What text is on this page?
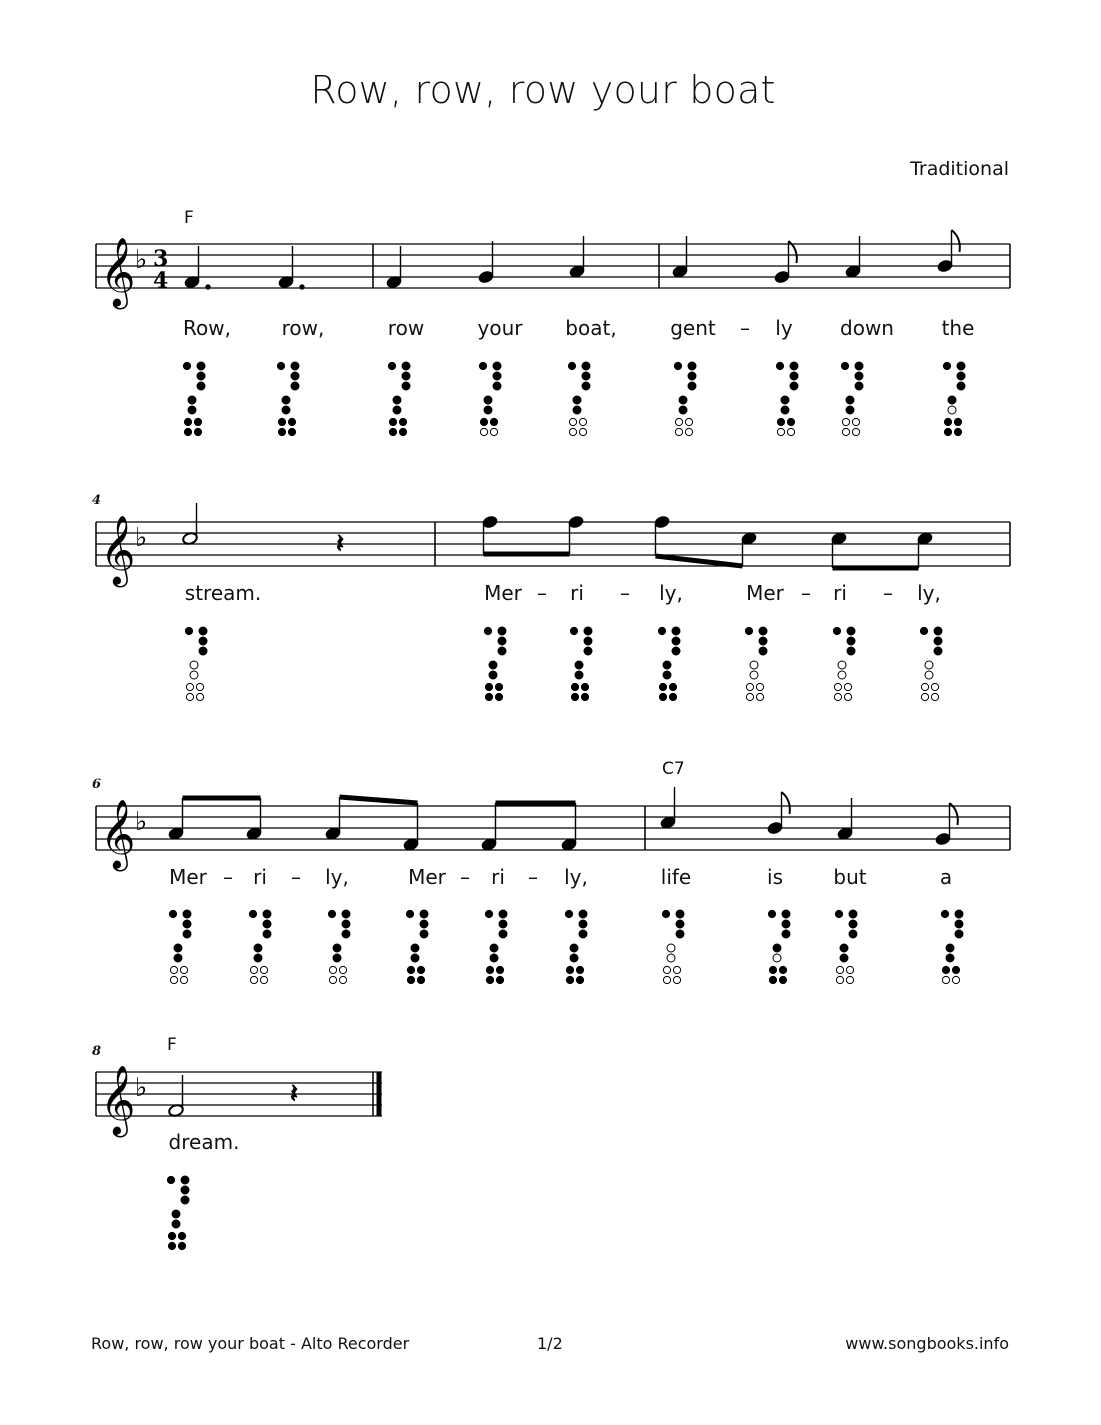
Row, row, row your boat
Traditional
F
Row,	row,	row	your boat,	gent – ly down the
4
stream.	Mer – ri – ly,	Mer – ri – ly,
6
C7
Mer – ri – ly,	Mer – ri – ly,	life	is	but	a
8	F
dream.
𝄞 ♭ 3
4
𝄞 ♭	𝄽
𝄞 ♭
𝄞 ♭	𝄽
Row, row, row your boat - Alto Recorder	1/2	www.songbooks.info
